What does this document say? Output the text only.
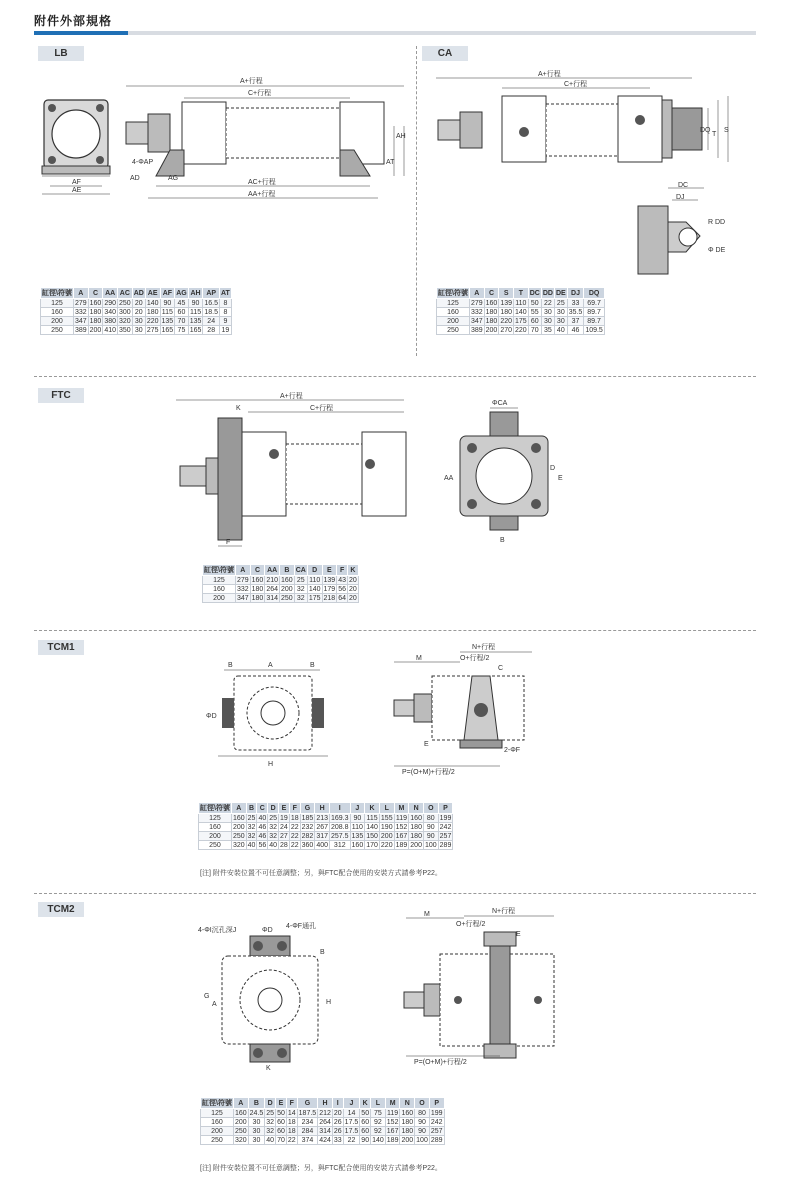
附件外部規格
LB
AF
AE
A+行程
C+行程
4-ΦAP
AD	AG
AC+行程
AA+行程
AT
AH
缸徑\符號	A	C	AA	AC	AD	AE	AF	AG	AH	AP	AT
125	279	160	290	250	20	140	90	45	90	16.5	8
160	332	180	340	300	20	180	115	60	115	18.5	8
200	347	180	380	320	30	220	135	70	135	24	9
250	389	200	410	350	30	275	165	75	165	28	19
CA
A+行程
C+行程
DQ
T
S
DC
DJ
R DD
Φ DE
缸徑\符號	A	C	S	T	DC	DD	DE	DJ	DQ
125	279	160	139	110	50	22	25	33	69.7
160	332	180	180	140	55	30	30	35.5	89.7
200	347	180	220	175	60	30	30	37	89.7
250	389	200	270	220	70	35	40	46	109.5
FTC	A+行程
K	C+行程
F
ΦCA
AA
D
E
B
缸徑\符號	A	C	AA	B	CA	D	E	F	K
125	279	160	210	160	25	110	139	43	20
160	332	180	264	200	32	140	179	56	20
200	347	180	314	250	32	175	218	64	20
TCM1
B	A	B
ΦD
H
M
N+行程
O+行程/2
C
E
2-ΦF
P=(O+M)+行程/2
缸徑\符號	A	B	C	D	E	F	G	H	I	J	K	L	M	N	O	P
125	160	25	40	25	19	18	185	213	169.3	90	115	155	119	160	80	199
160	200	32	46	32	24	22	232	267	208.8	110	140	190	152	180	90	242
200	250	32	46	32	27	22	282	317	257.5	135	150	200	167	180	90	257
250	320	40	56	40	28	22	360	400	312	160	170	220	189	200	100	289
[注] 附件安裝位置不可任意調整；另，與FTC配合使用的安裝方式請參考P22。
TCM2
4-ΦI沉孔深J	ΦD
4-ΦF通孔
B
G
A	H
K
M	N+行程
O+行程/2
E
P=(O+M)+行程/2
缸徑\符號	A	B	D	E	F	G	H	I	J	K	L	M	N	O	P
125	160	24.5	25	50	14	187.5	212	20	14	50	75	119	160	80	199
160	200	30	32	60	18	234	264	26	17.5	60	92	152	180	90	242
200	250	30	32	60	18	284	314	26	17.5	60	92	167	180	90	257
250	320	30	40	70	22	374	424	33	22	90	140	189	200	100	289
[注] 附件安裝位置不可任意調整；另，與FTC配合使用的安裝方式請參考P22。
